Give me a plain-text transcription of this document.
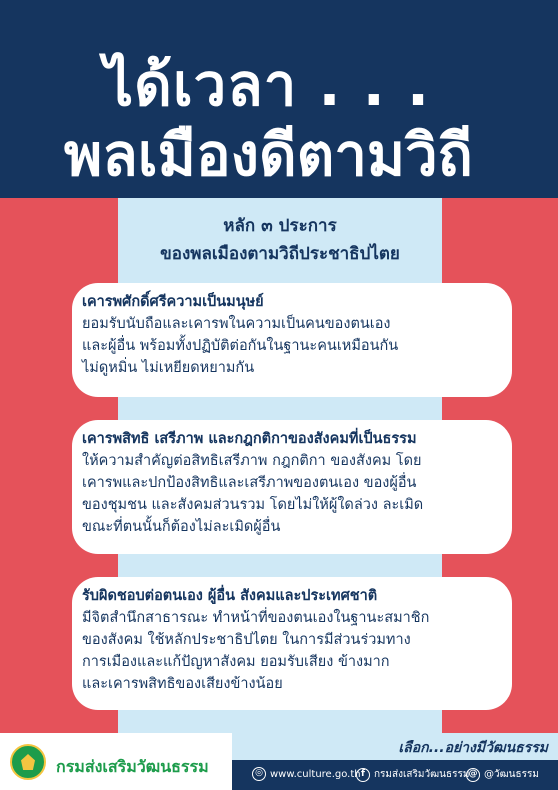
ได้เวลา . . .
พลเมืองดีตามวิถี
หลัก ๓ ประการ
ของพลเมืองตามวิถีประชาธิปไตย
เคารพศักดิ์ศรีความเป็นมนุษย์

ยอมรับนับถือและเคารพในความเป็นคนของตนเอง
และผู้อื่น พร้อมทั้งปฏิบัติต่อกันในฐานะคนเหมือนกัน
ไม่ดูหมิ่น ไม่เหยียดหยามกัน

เคารพสิทธิ เสรีภาพ และกฎกติกาของสังคมที่เป็นธรรม

ให้ความสำคัญต่อสิทธิเสรีภาพ กฎกติกา ของสังคม โดย
เคารพและปกป้องสิทธิและเสรีภาพของตนเอง ของผู้อื่น
ของชุมชน และสังคมส่วนรวม โดยไม่ให้ผู้ใดล่วง ละเมิด
ขณะที่ตนนั้นก็ต้องไม่ละเมิดผู้อื่น

รับผิดชอบต่อตนเอง ผู้อื่น สังคมและประเทศชาติ

มีจิตสำนึกสาธารณะ ทำหน้าที่ของตนเองในฐานะสมาชิก
ของสังคม ใช้หลักประชาธิปไตย ในการมีส่วนร่วมทาง
การเมืองและแก้ปัญหาสังคม ยอมรับเสียง ข้างมาก
และเคารพสิทธิของเสียงข้างน้อย

กรมส่งเสริมวัฒนธรรม
เลือก...อย่างมีวัฒนธรรม
◎ www.culture.go.th f กรมส่งเสริมวัฒนธรรม @ @วัฒนธรรม
